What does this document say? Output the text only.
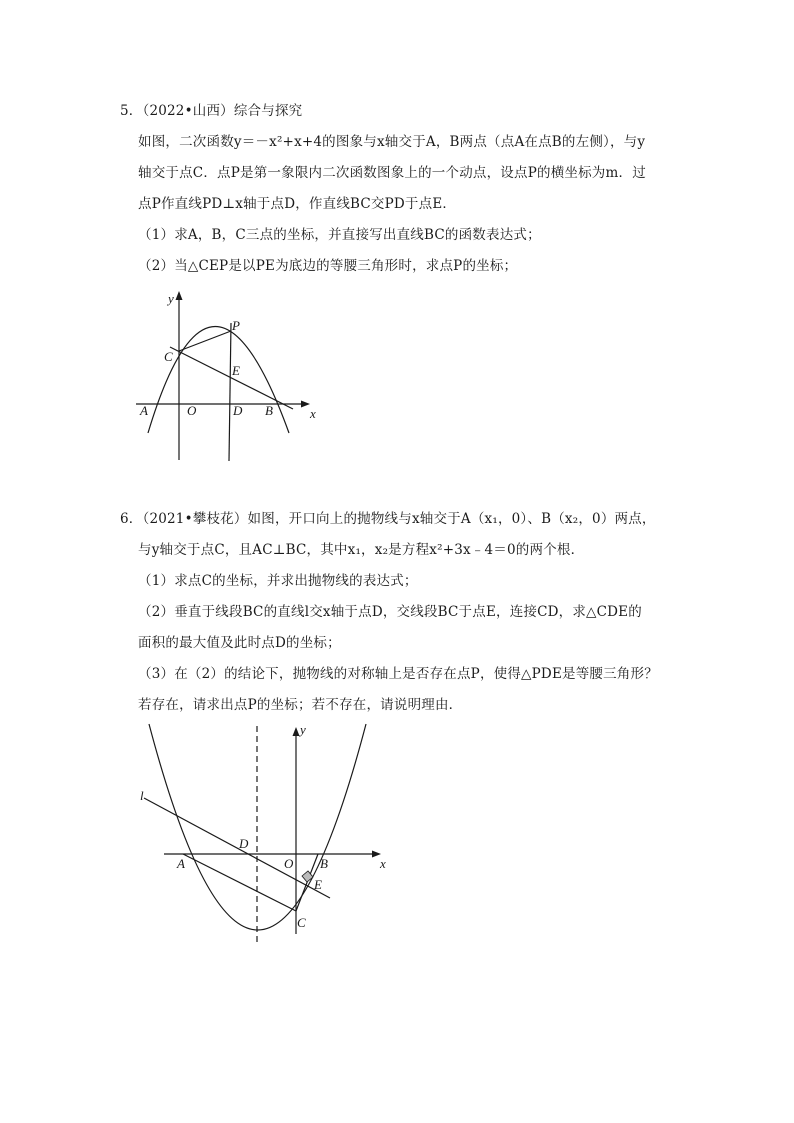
5．（2022•山西）综合与探究
如图，二次函数y＝－x²+x+4的图象与x轴交于A，B两点（点A在点B的左侧），与y
轴交于点C．点P是第一象限内二次函数图象上的一个动点，设点P的横坐标为m．过
点P作直线PD⊥x轴于点D，作直线BC交PD于点E．
（1）求A，B，C三点的坐标，并直接写出直线BC的函数表达式；
（2）当△CEP是以PE为底边的等腰三角形时，求点P的坐标；
y
P
C
E
A	O	D B	x
6．（2021•攀枝花）如图，开口向上的抛物线与x轴交于A（x₁，0）、B（x₂，0）两点，
与y轴交于点C，且AC⊥BC，其中x₁，x₂是方程x²+3x﹣4＝0的两个根．
（1）求点C的坐标，并求出抛物线的表达式；
（2）垂直于线段BC的直线l交x轴于点D，交线段BC于点E，连接CD，求△CDE的
面积的最大值及此时点D的坐标；
（3）在（2）的结论下，抛物线的对称轴上是否存在点P，使得△PDE是等腰三角形？
若存在，请求出点P的坐标；若不存在，请说明理由．
y
l
D
A	O B	x
E
C
